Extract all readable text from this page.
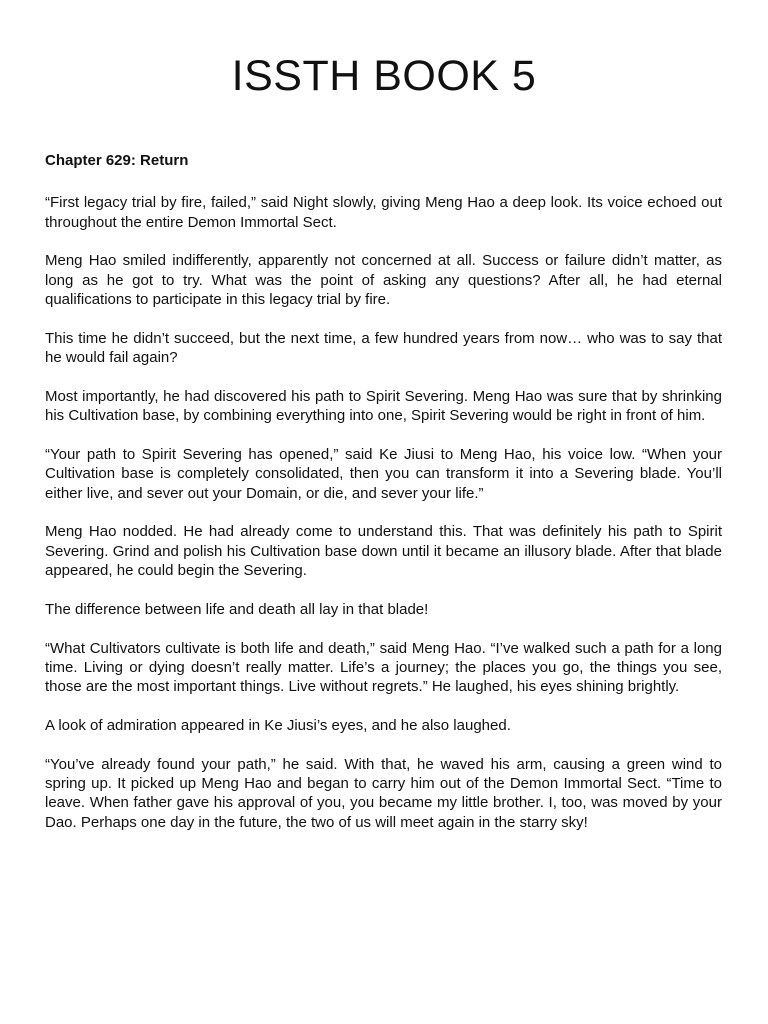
ISSTH BOOK 5

Chapter 629: Return

“First legacy trial by fire, failed,” said Night slowly, giving Meng Hao a deep look. Its voice echoed out throughout the entire Demon Immortal Sect.

Meng Hao smiled indifferently, apparently not concerned at all. Success or failure didn’t matter, as long as he got to try. What was the point of asking any questions? After all, he had eternal qualifications to participate in this legacy trial by fire.

This time he didn’t succeed, but the next time, a few hundred years from now… who was to say that he would fail again?

Most importantly, he had discovered his path to Spirit Severing. Meng Hao was sure that by shrinking his Cultivation base, by combining everything into one, Spirit Severing would be right in front of him.

“Your path to Spirit Severing has opened,” said Ke Jiusi to Meng Hao, his voice low. “When your Cultivation base is completely consolidated, then you can transform it into a Severing blade. You’ll either live, and sever out your Domain, or die, and sever your life.”

Meng Hao nodded. He had already come to understand this. That was definitely his path to Spirit Severing. Grind and polish his Cultivation base down until it became an illusory blade. After that blade appeared, he could begin the Severing.

The difference between life and death all lay in that blade!

“What Cultivators cultivate is both life and death,” said Meng Hao. “I’ve walked such a path for a long time. Living or dying doesn’t really matter. Life’s a journey; the places you go, the things you see, those are the most important things. Live without regrets.” He laughed, his eyes shining brightly.

A look of admiration appeared in Ke Jiusi’s eyes, and he also laughed.

“You’ve already found your path,” he said. With that, he waved his arm, causing a green wind to spring up. It picked up Meng Hao and began to carry him out of the Demon Immortal Sect. “Time to leave. When father gave his approval of you, you became my little brother. I, too, was moved by your Dao. Perhaps one day in the future, the two of us will meet again in the starry sky!
